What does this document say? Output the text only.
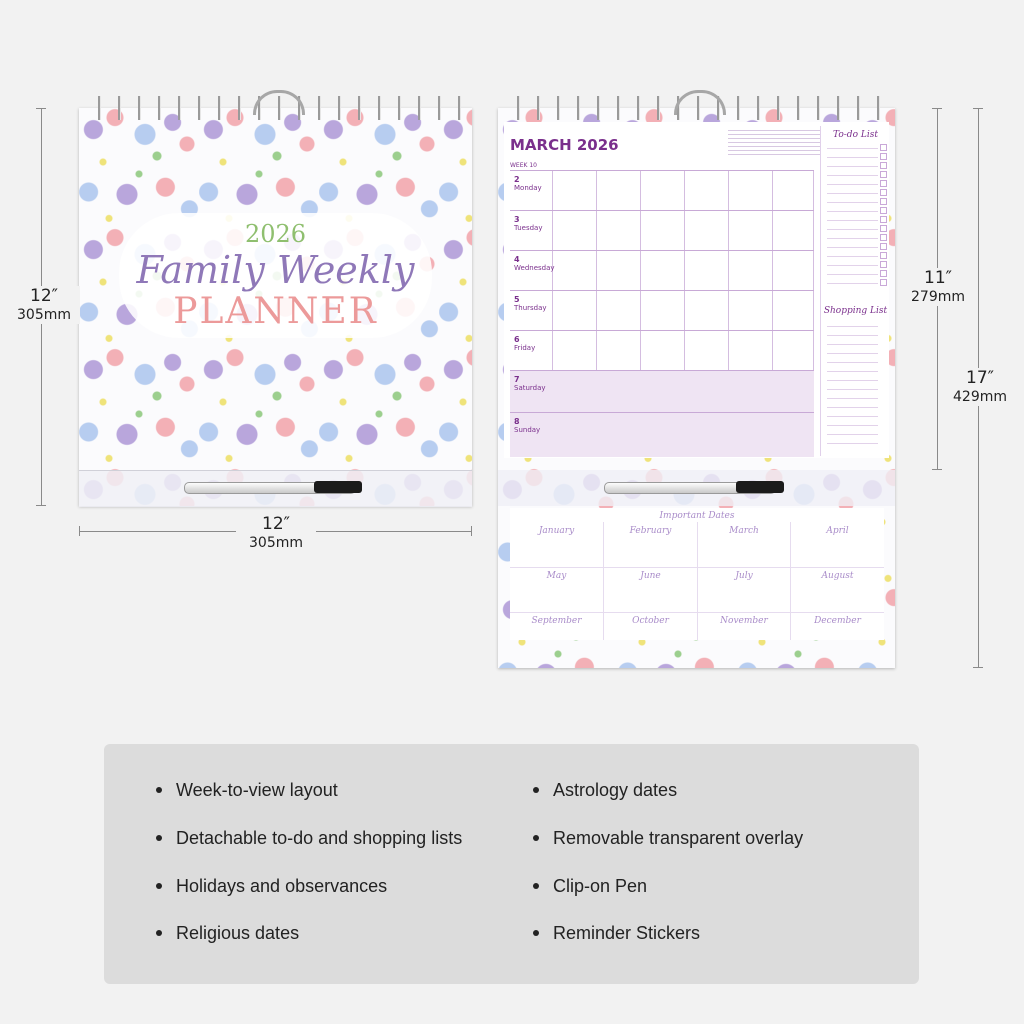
2026
Family Weekly
PLANNER
12″
305mm
12″
305mm
MARCH 2026
WEEK 10
2
Monday
3
Tuesday
4
Wednesday
5
Thursday
6
Friday
7
Saturday
8
Sunday
To-do List
Shopping List
Important Dates
January	February	March	April
May	June	July	August
September	October	November	December
11″
279mm
17″
429mm
Week-to-view layout
Detachable to-do and shopping lists
Holidays and observances
Religious dates
Astrology dates
Removable transparent overlay
Clip-on Pen
Reminder Stickers
